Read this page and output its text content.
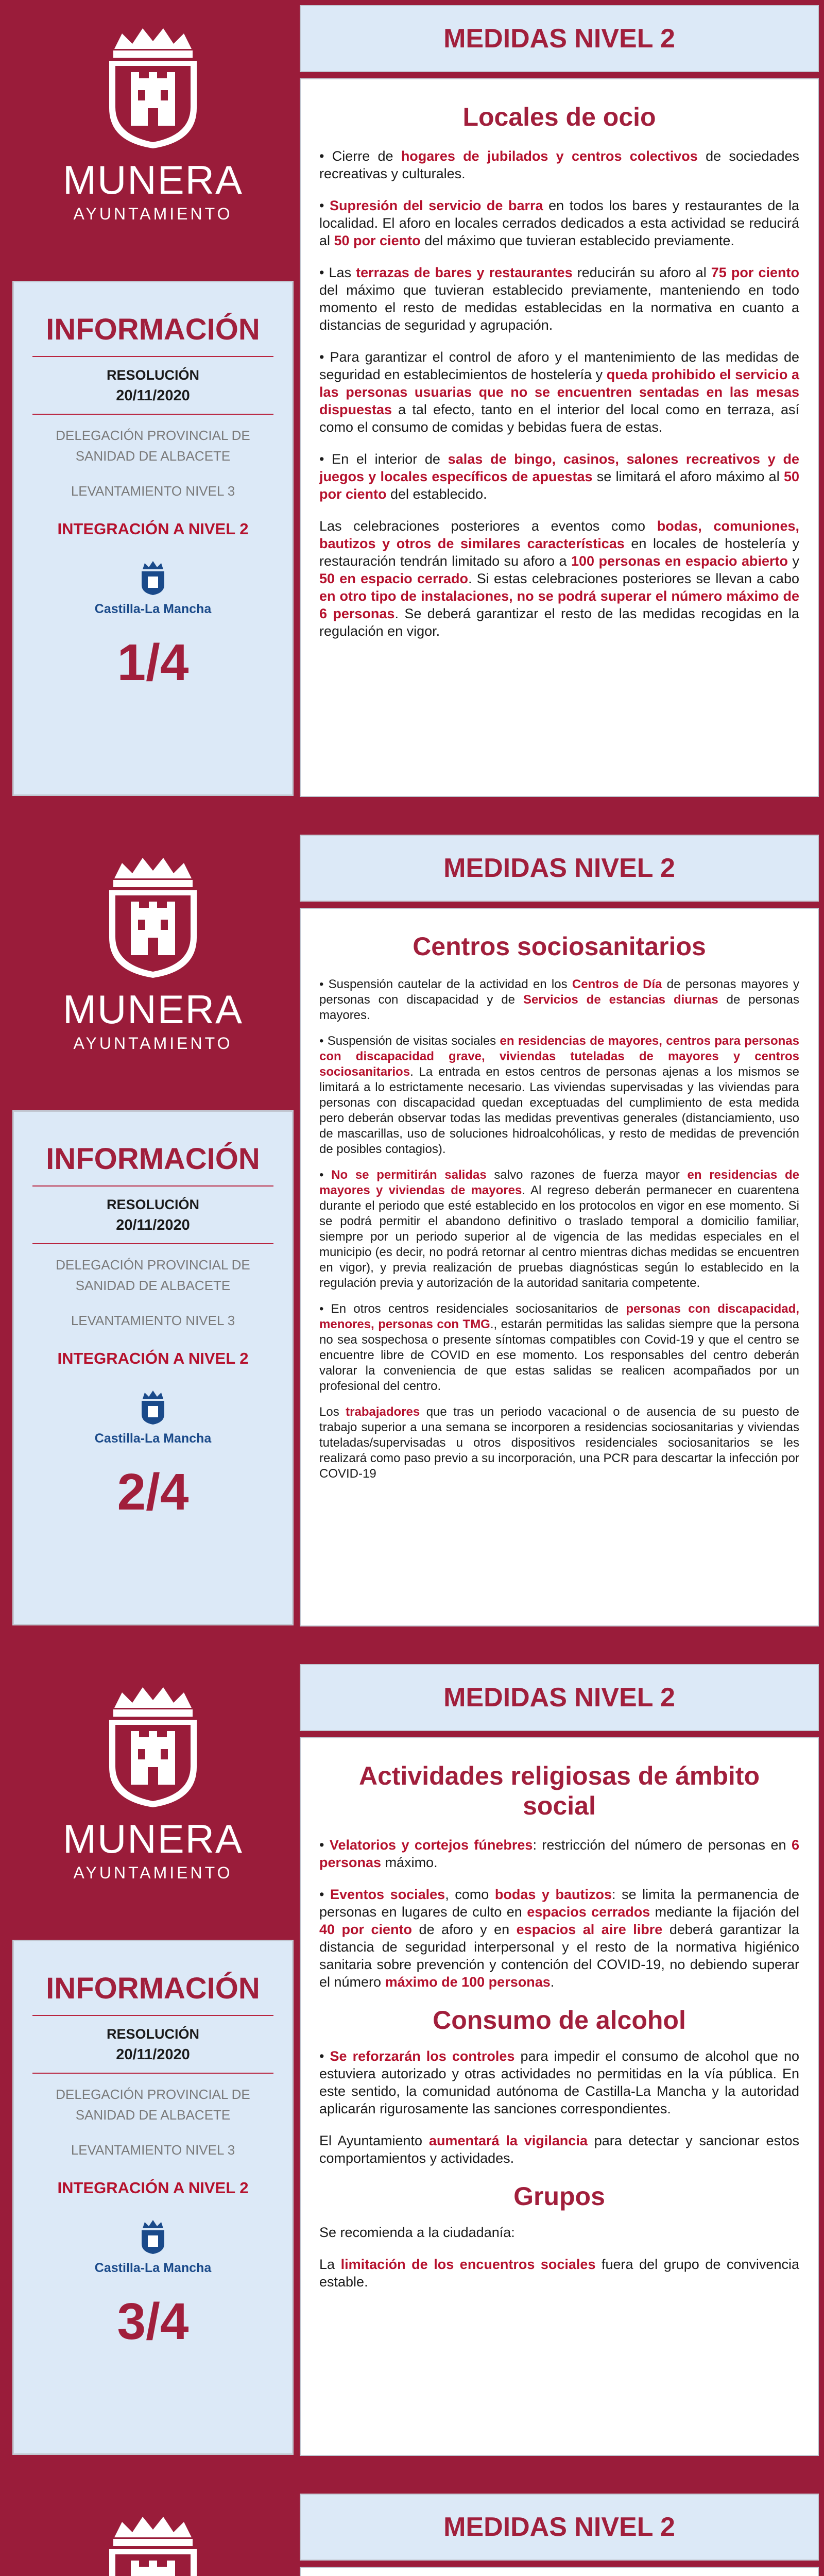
MUNERA
AYUNTAMIENTO
INFORMACIÓN
RESOLUCIÓN
20/11/2020
DELEGACIÓN PROVINCIAL DE SANIDAD DE ALBACETE
LEVANTAMIENTO NIVEL 3
INTEGRACIÓN A NIVEL 2
Castilla-La Mancha
1/4
MEDIDAS NIVEL 2
Locales de ocio

• Cierre de hogares de jubilados y centros colectivos de sociedades recreativas y culturales.

• Supresión del servicio de barra en todos los bares y restaurantes de la localidad. El aforo en locales cerrados dedicados a esta actividad se reducirá al 50 por ciento del máximo que tuvieran establecido previamente.

• Las terrazas de bares y restaurantes reducirán su aforo al 75 por ciento del máximo que tuvieran establecido previamente, manteniendo en todo momento el resto de medidas establecidas en la normativa en cuanto a distancias de seguridad y agrupación.

• Para garantizar el control de aforo y el mantenimiento de las medidas de seguridad en establecimientos de hostelería y queda prohibido el servicio a las personas usuarias que no se encuentren sentadas en las mesas dispuestas a tal efecto, tanto en el interior del local como en terraza, así como el consumo de comidas y bebidas fuera de estas.

• En el interior de salas de bingo, casinos, salones recreativos y de juegos y locales específicos de apuestas se limitará el aforo máximo al 50 por ciento del establecido.

Las celebraciones posteriores a eventos como bodas, comuniones, bautizos y otros de similares características en locales de hostelería y restauración tendrán limitado su aforo a 100 personas en espacio abierto y 50 en espacio cerrado. Si estas celebraciones posteriores se llevan a cabo en otro tipo de instalaciones, no se podrá superar el número máximo de 6 personas. Se deberá garantizar el resto de las medidas recogidas en la regulación en vigor.

MUNERA
AYUNTAMIENTO
INFORMACIÓN
RESOLUCIÓN
20/11/2020
DELEGACIÓN PROVINCIAL DE SANIDAD DE ALBACETE
LEVANTAMIENTO NIVEL 3
INTEGRACIÓN A NIVEL 2
Castilla-La Mancha
2/4
MEDIDAS NIVEL 2
Centros sociosanitarios

• Suspensión cautelar de la actividad en los Centros de Día de personas mayores y personas con discapacidad y de Servicios de estancias diurnas de personas mayores.

• Suspensión de visitas sociales en residencias de mayores, centros para personas con discapacidad grave, viviendas tuteladas de mayores y centros sociosanitarios. La entrada en estos centros de personas ajenas a los mismos se limitará a lo estrictamente necesario. Las viviendas supervisadas y las viviendas para personas con discapacidad quedan exceptuadas del cumplimiento de esta medida pero deberán observar todas las medidas preventivas generales (distanciamiento, uso de mascarillas, uso de soluciones hidroalcohólicas, y resto de medidas de prevención de posibles contagios).

• No se permitirán salidas salvo razones de fuerza mayor en residencias de mayores y viviendas de mayores. Al regreso deberán permanecer en cuarentena durante el periodo que esté establecido en los protocolos en vigor en ese momento. Si se podrá permitir el abandono definitivo o traslado temporal a domicilio familiar, siempre por un periodo superior al de vigencia de las medidas especiales en el municipio (es decir, no podrá retornar al centro mientras dichas medidas se encuentren en vigor), y previa realización de pruebas diagnósticas según lo establecido en la regulación previa y autorización de la autoridad sanitaria competente.

• En otros centros residenciales sociosanitarios de personas con discapacidad, menores, personas con TMG., estarán permitidas las salidas siempre que la persona no sea sospechosa o presente síntomas compatibles con Covid-19 y que el centro se encuentre libre de COVID en ese momento. Los responsables del centro deberán valorar la conveniencia de que estas salidas se realicen acompañados por un profesional del centro.

Los trabajadores que tras un periodo vacacional o de ausencia de su puesto de trabajo superior a una semana se incorporen a residencias sociosanitarias y viviendas tuteladas/supervisadas u otros dispositivos residenciales sociosanitarios se les realizará como paso previo a su incorporación, una PCR para descartar la infección por COVID-19

MUNERA
AYUNTAMIENTO
INFORMACIÓN
RESOLUCIÓN
20/11/2020
DELEGACIÓN PROVINCIAL DE SANIDAD DE ALBACETE
LEVANTAMIENTO NIVEL 3
INTEGRACIÓN A NIVEL 2
Castilla-La Mancha
3/4
MEDIDAS NIVEL 2
Actividades religiosas de ámbito social

• Velatorios y cortejos fúnebres: restricción del número de personas en 6 personas máximo.

• Eventos sociales, como bodas y bautizos: se limita la permanencia de personas en lugares de culto en espacios cerrados mediante la fijación del 40 por ciento de aforo y en espacios al aire libre deberá garantizar la distancia de seguridad interpersonal y el resto de la normativa higiénico sanitaria sobre prevención y contención del COVID-19, no debiendo superar el número máximo de 100 personas.

Consumo de alcohol

• Se reforzarán los controles para impedir el consumo de alcohol que no estuviera autorizado y otras actividades no permitidas en la vía pública. En este sentido, la comunidad autónoma de Castilla-La Mancha y la autoridad aplicarán rigurosamente las sanciones correspondientes.

El Ayuntamiento aumentará la vigilancia para detectar y sancionar estos comportamientos y actividades.

Grupos

Se recomienda a la ciudadanía:

La limitación de los encuentros sociales fuera del grupo de convivencia estable.

MEDIDAS NIVEL 2
